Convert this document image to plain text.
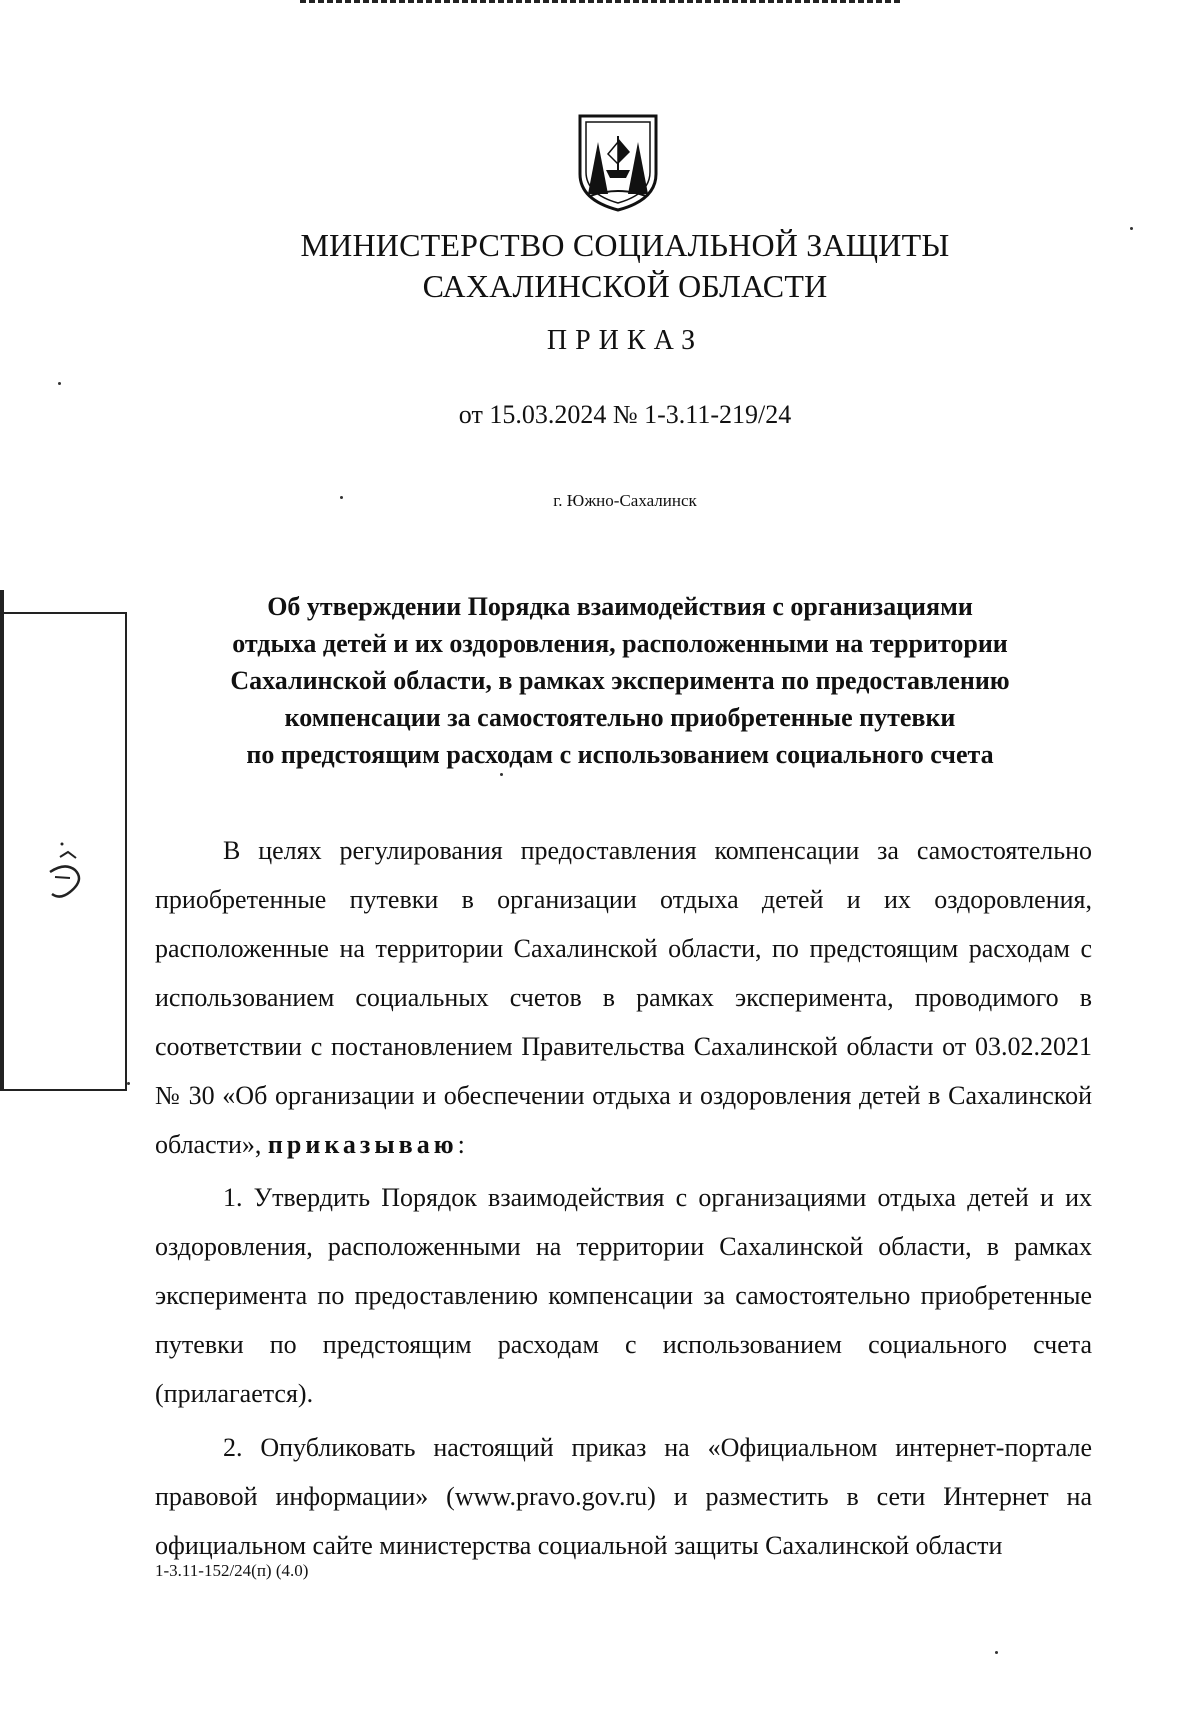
МИНИСТЕРСТВО СОЦИАЛЬНОЙ ЗАЩИТЫ
САХАЛИНСКОЙ ОБЛАСТИ
ПРИКАЗ
от 15.03.2024 № 1-3.11-219/24
г. Южно-Сахалинск
Об утверждении Порядка взаимодействия с организациями
отдыха детей и их оздоровления, расположенными на территории
Сахалинской области, в рамках эксперимента по предоставлению
компенсации за самостоятельно приобретенные путевки
по предстоящим расходам с использованием социального счета
В целях регулирования предоставления компенсации за самостоятельно приобретенные путевки в организации отдыха детей и их оздоровления, расположенные на территории Сахалинской области, по предстоящим расходам с использованием социальных счетов в рамках эксперимента, проводимого в соответствии с постановлением Правительства Сахалинской области от 03.02.2021 № 30 «Об организации и обеспечении отдыха и оздоровления детей в Сахалинской области», приказываю:
1. Утвердить Порядок взаимодействия с организациями отдыха детей и их оздоровления, расположенными на территории Сахалинской области, в рамках эксперимента по предоставлению компенсации за самостоятельно приобретенные путевки по предстоящим расходам с использованием социального счета (прилагается).
2. Опубликовать настоящий приказ на «Официальном интернет-портале правовой информации» (www.pravo.gov.ru) и разместить в сети Интернет на официальном сайте министерства социальной защиты Сахалинской области
1-3.11-152/24(п) (4.0)
